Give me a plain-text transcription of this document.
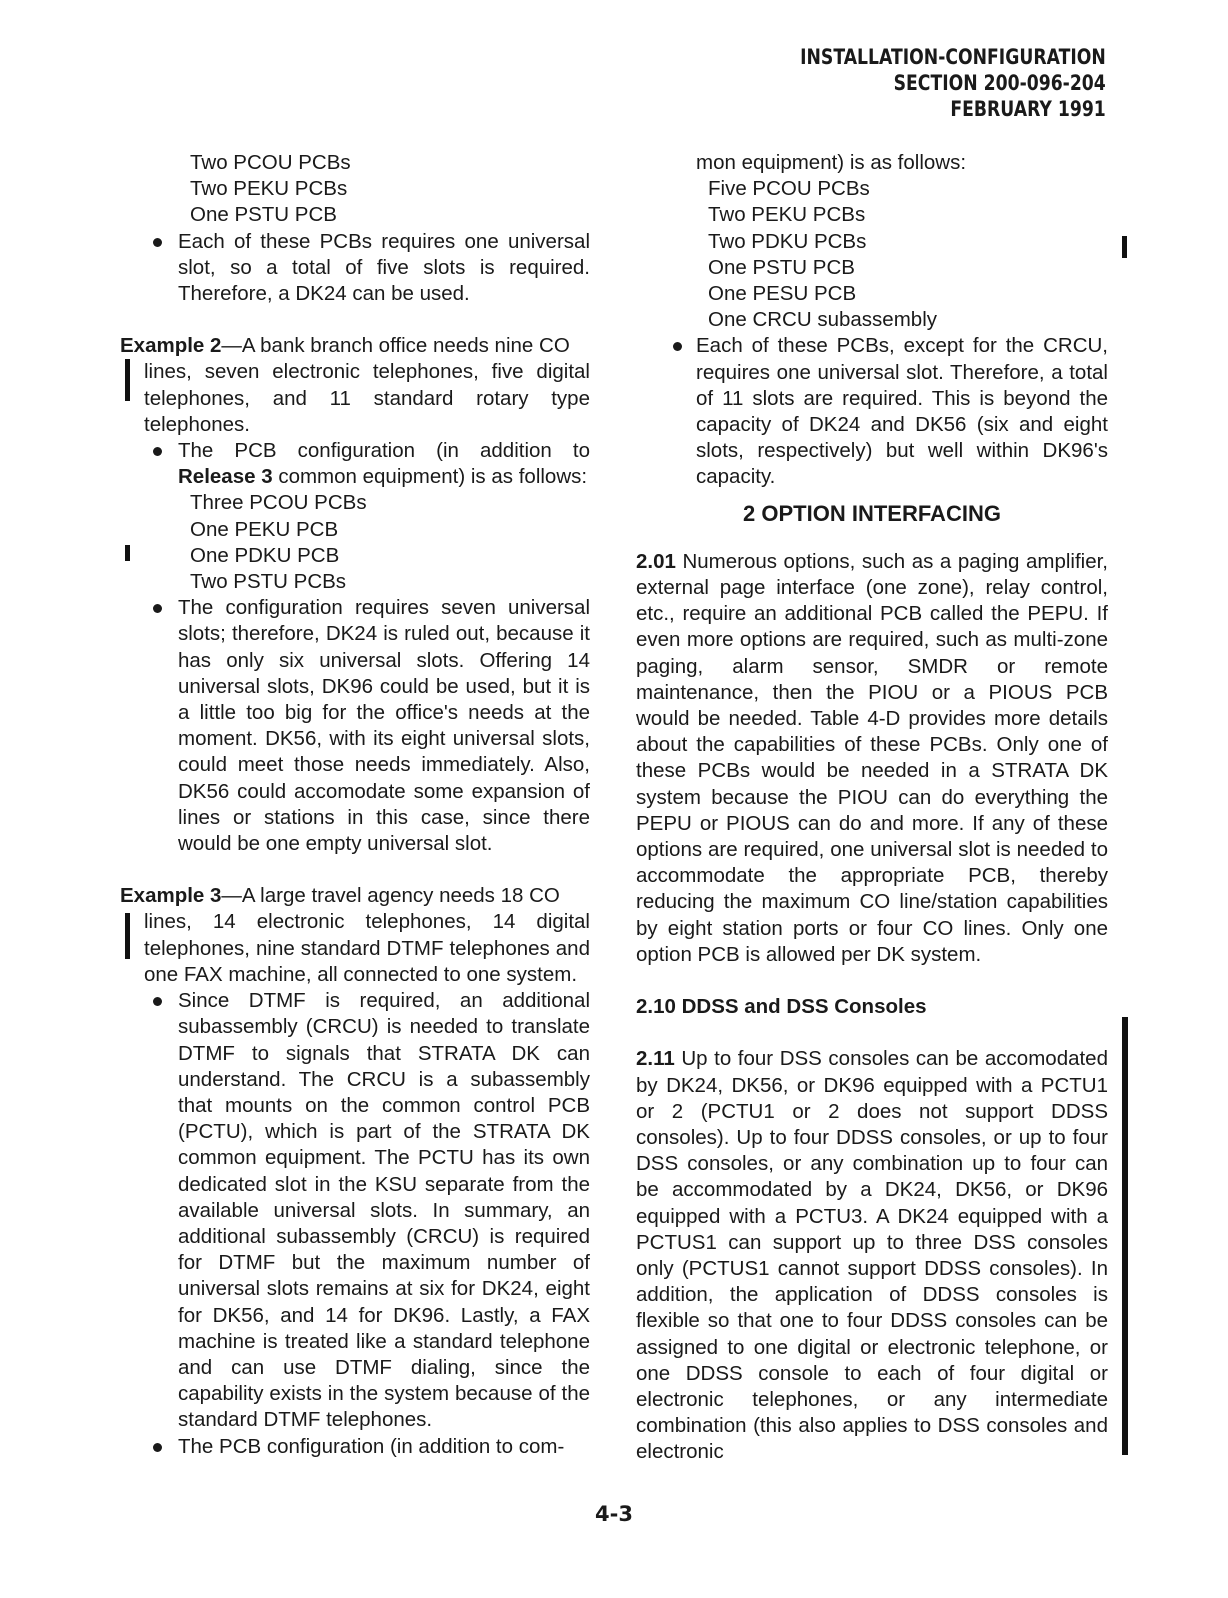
INSTALLATION-CONFIGURATION
SECTION 200-096-204
FEBRUARY 1991
Two PCOU PCBs
Two PEKU PCBs
One PSTU PCB
Each of these PCBs requires one universal slot, so a total of five slots is required. Therefore, a DK24 can be used.

Example 2—A bank branch office needs nine CO

lines, seven electronic telephones, five digital telephones, and 11 standard rotary type telephones.

The PCB configuration (in addition to Release 3 common equipment) is as follows:
Three PCOU PCBs
One PEKU PCB
One PDKU PCB
Two PSTU PCBs
The configuration requires seven universal slots; therefore, DK24 is ruled out, because it has only six universal slots. Offering 14 universal slots, DK96 could be used, but it is a little too big for the office's needs at the moment. DK56, with its eight universal slots, could meet those needs immediately. Also, DK56 could accomodate some expansion of lines or stations in this case, since there would be one empty universal slot.

Example 3—A large travel agency needs 18 CO

lines, 14 electronic telephones, 14 digital telephones, nine standard DTMF telephones and one FAX machine, all connected to one system.

Since DTMF is required, an additional subassembly (CRCU) is needed to translate DTMF to signals that STRATA DK can understand. The CRCU is a subassembly that mounts on the common control PCB (PCTU), which is part of the STRATA DK common equipment. The PCTU has its own dedicated slot in the KSU separate from the available universal slots. In summary, an additional subassembly (CRCU) is required for DTMF but the maximum number of universal slots remains at six for DK24, eight for DK56, and 14 for DK96. Lastly, a FAX machine is treated like a standard telephone and can use DTMF dialing, since the capability exists in the system because of the standard DTMF telephones.
The PCB configuration (in addition to com-

mon equipment) is as follows:

Five PCOU PCBs
Two PEKU PCBs
Two PDKU PCBs
One PSTU PCB
One PESU PCB
One CRCU subassembly
Each of these PCBs, except for the CRCU, requires one universal slot. Therefore, a total of 11 slots are required. This is beyond the capacity of DK24 and DK56 (six and eight slots, respectively) but well within DK96's capacity.
2 OPTION INTERFACING

2.01 Numerous options, such as a paging amplifier, external page interface (one zone), relay control, etc., require an additional PCB called the PEPU. If even more options are required, such as multi-zone paging, alarm sensor, SMDR or remote maintenance, then the PIOU or a PIOUS PCB would be needed. Table 4-D provides more details about the capabilities of these PCBs. Only one of these PCBs would be needed in a STRATA DK system because the PIOU can do everything the PEPU or PIOUS can do and more. If any of these options are required, one universal slot is needed to accommodate the appropriate PCB, thereby reducing the maximum CO line/station capabilities by eight station ports or four CO lines. Only one option PCB is allowed per DK system.

2.10 DDSS and DSS Consoles

2.11 Up to four DSS consoles can be accomodated by DK24, DK56, or DK96 equipped with a PCTU1 or 2 (PCTU1 or 2 does not support DDSS consoles). Up to four DDSS consoles, or up to four DSS consoles, or any combination up to four can be accommodated by a DK24, DK56, or DK96 equipped with a PCTU3. A DK24 equipped with a PCTUS1 can support up to three DSS consoles only (PCTUS1 cannot support DDSS consoles). In addition, the application of DDSS consoles is flexible so that one to four DDSS consoles can be assigned to one digital or electronic telephone, or one DDSS console to each of four digital or electronic telephones, or any intermediate combination (this also applies to DSS consoles and electronic

4-3
